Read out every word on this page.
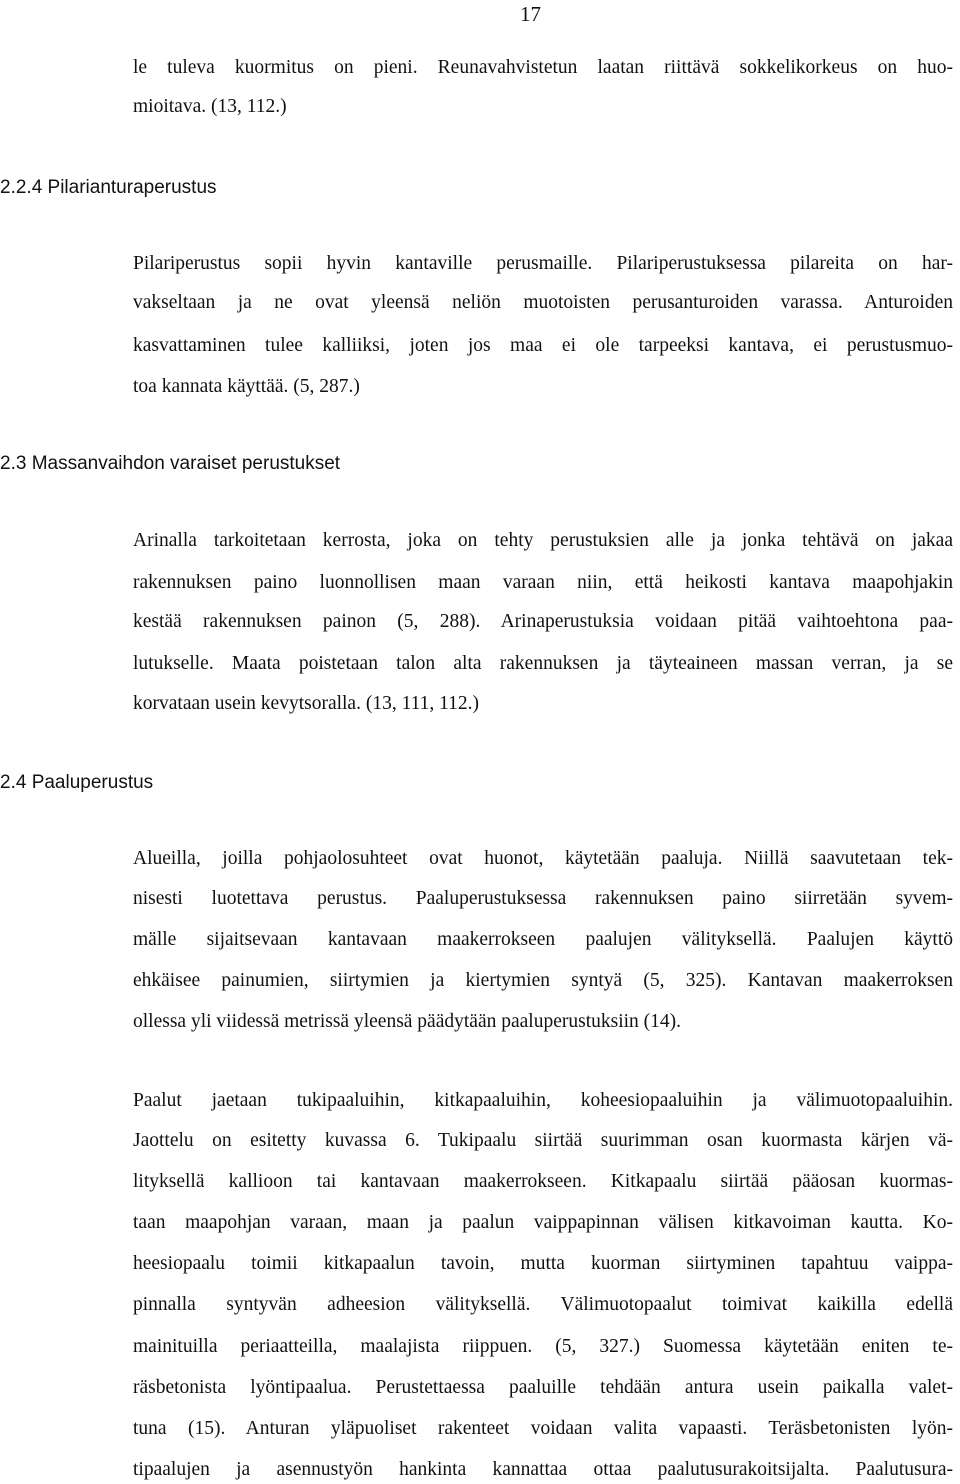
17
le tuleva kuormitus on pieni. Reunavahvistetun laatan riittävä sokkelikorkeus on huo-
mioitava. (13, 112.)
2.2.4 Pilarianturaperustus
Pilariperustus sopii hyvin kantaville perusmaille. Pilariperustuksessa pilareita on har-
vakseltaan ja ne ovat yleensä neliön muotoisten perusanturoiden varassa. Anturoiden
kasvattaminen tulee kalliiksi, joten jos maa ei ole tarpeeksi kantava, ei perustusmuo-
toa kannata käyttää. (5, 287.)
2.3 Massanvaihdon varaiset perustukset
Arinalla tarkoitetaan kerrosta, joka on tehty perustuksien alle ja jonka tehtävä on jakaa
rakennuksen paino luonnollisen maan varaan niin, että heikosti kantava maapohjakin
kestää rakennuksen painon (5, 288). Arinaperustuksia voidaan pitää vaihtoehtona paa-
lutukselle. Maata poistetaan talon alta rakennuksen ja täyteaineen massan verran, ja se
korvataan usein kevytsoralla. (13, 111, 112.)
2.4 Paaluperustus
Alueilla, joilla pohjaolosuhteet ovat huonot, käytetään paaluja. Niillä saavutetaan tek-
nisesti luotettava perustus. Paaluperustuksessa rakennuksen paino siirretään syvem-
mälle sijaitsevaan kantavaan maakerrokseen paalujen välityksellä. Paalujen käyttö
ehkäisee painumien, siirtymien ja kiertymien syntyä (5, 325). Kantavan maakerroksen
ollessa yli viidessä metrissä yleensä päädytään paaluperustuksiin (14).
Paalut jaetaan tukipaaluihin, kitkapaaluihin, koheesiopaaluihin ja välimuotopaaluihin.
Jaottelu on esitetty kuvassa 6. Tukipaalu siirtää suurimman osan kuormasta kärjen vä-
lityksellä kallioon tai kantavaan maakerrokseen. Kitkapaalu siirtää pääosan kuormas-
taan maapohjan varaan, maan ja paalun vaippapinnan välisen kitkavoiman kautta. Ko-
heesiopaalu toimii kitkapaalun tavoin, mutta kuorman siirtyminen tapahtuu vaippa-
pinnalla syntyvän adheesion välityksellä. Välimuotopaalut toimivat kaikilla edellä
mainituilla periaatteilla, maalajista riippuen. (5, 327.) Suomessa käytetään eniten te-
räsbetonista lyöntipaalua. Perustettaessa paaluille tehdään antura usein paikalla valet-
tuna (15). Anturan yläpuoliset rakenteet voidaan valita vapaasti. Teräsbetonisten lyön-
tipaalujen ja asennustyön hankinta kannattaa ottaa paalutusurakoitsijalta. Paalutusura-
